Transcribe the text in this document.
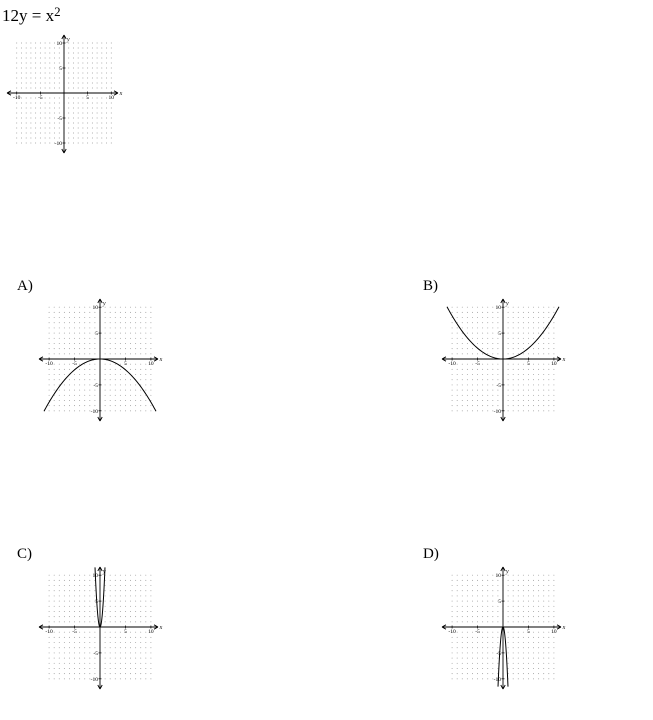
$12y = x^2$
-10	-5	5	10
10
5
-5
-10
x
y
A)	B)
C)	D)
-10	-5	5	10
10
5
-5
-10
x
y
-10	-5	5	10
10
5
-5
-10
x
y
-10	-5	5	10
10
5
-5
-10
x
y
-10	-5	5	10
10
5
-5
-10
x
y
